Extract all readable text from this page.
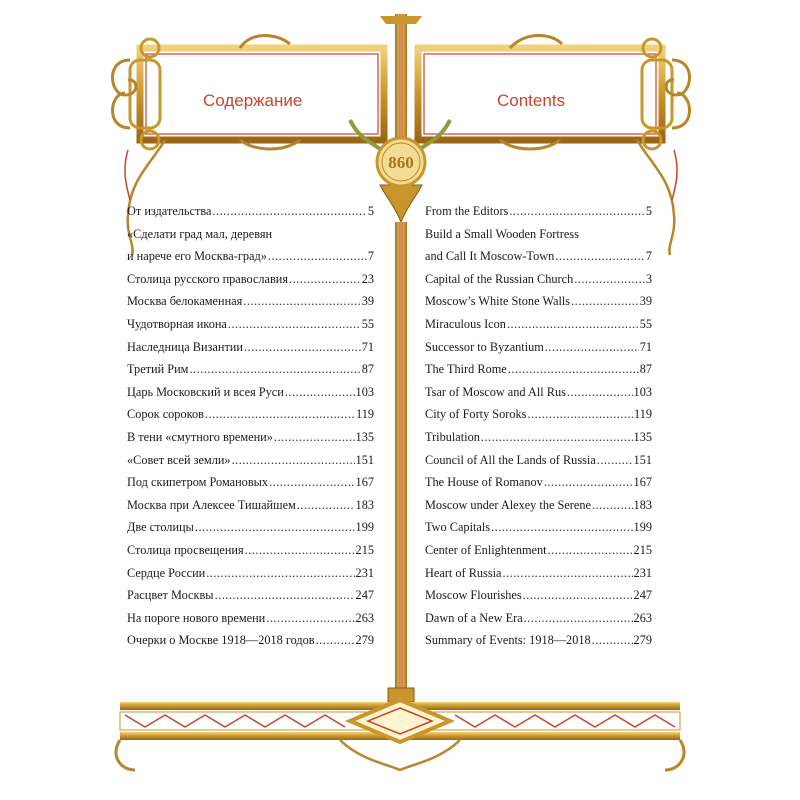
860
Содержание	Contents
От издательства .....	5
«Сделати град мал, деревян
и нарече его Москва-град» .....	7
Столица русского православия .....	23
Москва белокаменная .....	39
Чудотворная икона .....	55
Наследница Византии .....	71
Третий Рим .....	87
Царь Московский и всея Руси .....	103
Сорок сороков .....	119
В тени «смутного времени» .....	135
«Совет всей земли» .....	151
Под скипетром Романовых .....	167
Москва при Алексее Тишайшем .....	183
Две столицы .....	199
Столица просвещения .....	215
Сердце России .....	231
Расцвет Москвы .....	247
На пороге нового времени .....	263
Очерки о Москве 1918—2018 годов .....	279
From the Editors .....	5
Build a Small Wooden Fortress
and Call It Moscow-Town .....	7
Capital of the Russian Church .....	3
Moscow’s White Stone Walls .....	39
Miraculous Icon .....	55
Successor to Byzantium .....	71
The Third Rome .....	87
Tsar of Moscow and All Rus .....	103
City of Forty Soroks .....	119
Tribulation .....	135
Council of All the Lands of Russia .....	151
The House of Romanov .....	167
Moscow under Alexey the Serene .....	183
Two Capitals .....	199
Center of Enlightenment .....	215
Heart of Russia .....	231
Moscow Flourishes .....	247
Dawn of a New Era .....	263
Summary of Events: 1918—2018 .....	279
